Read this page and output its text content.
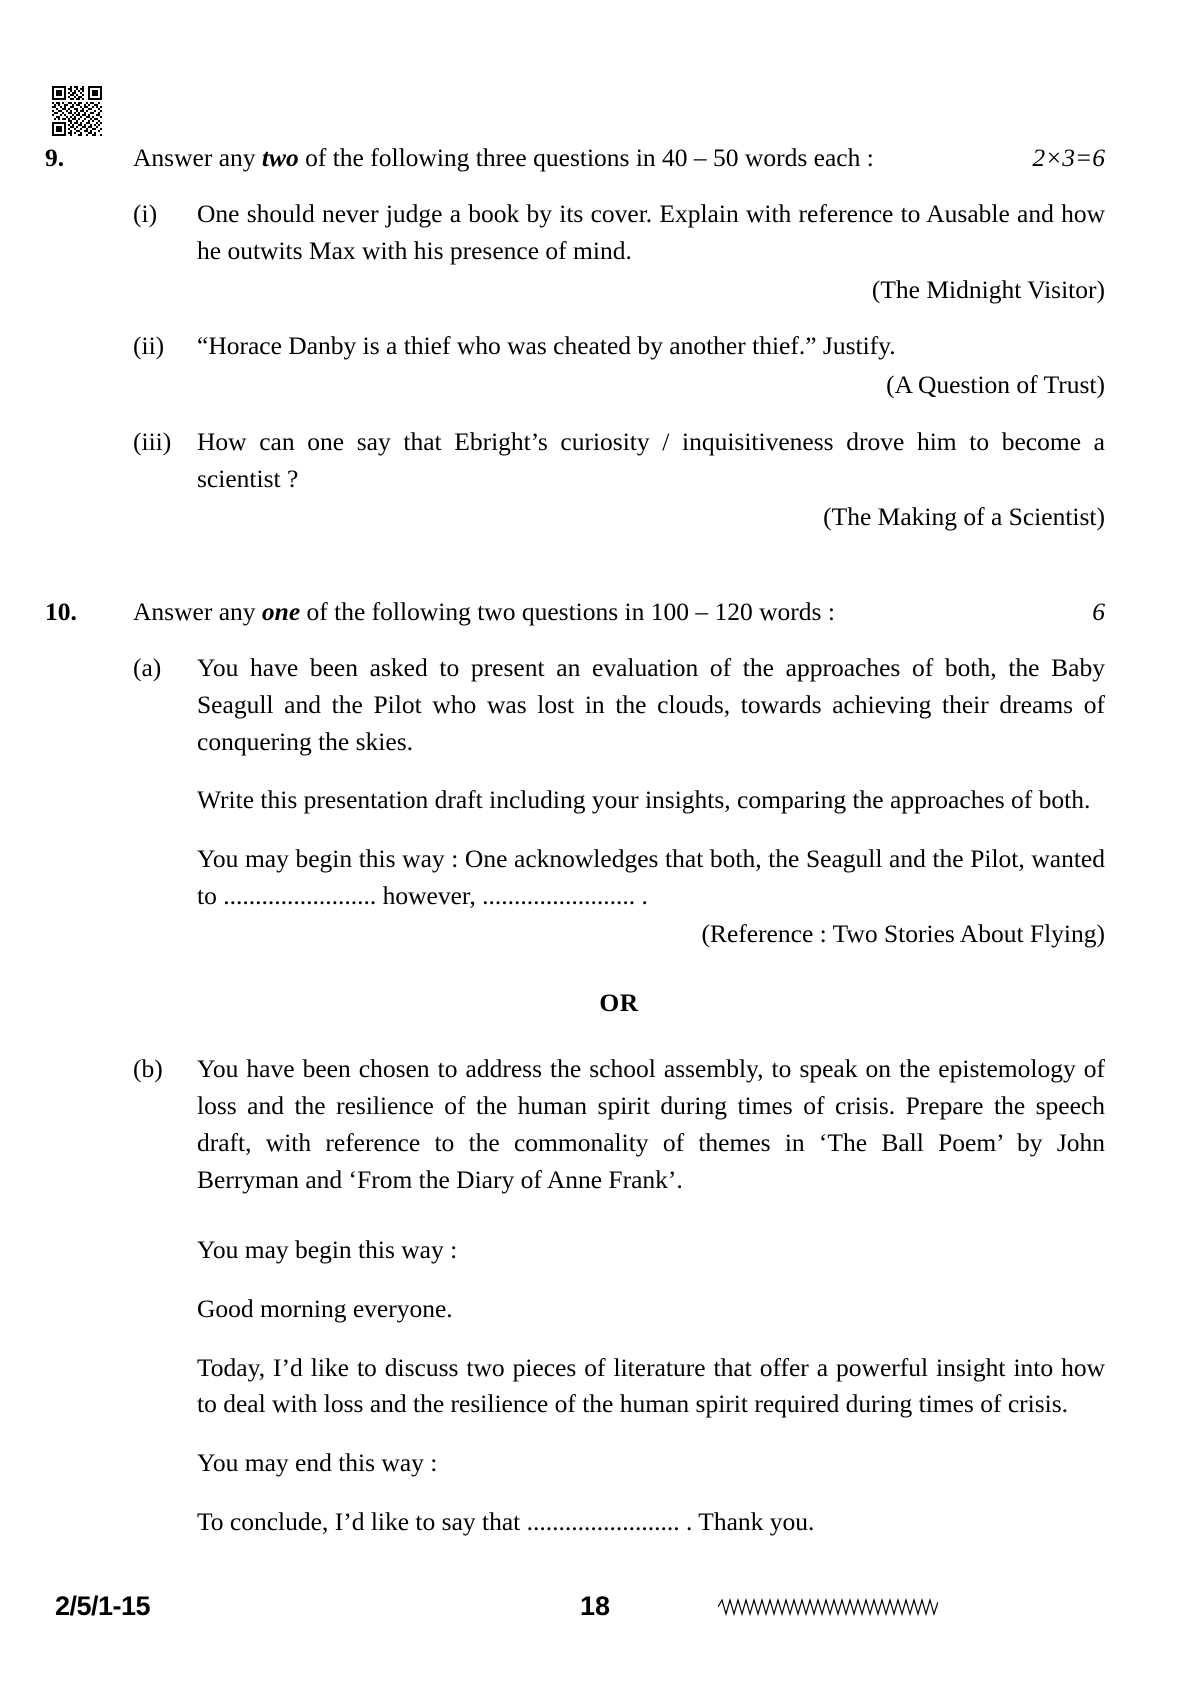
9.	Answer any two of the following three questions in 40 – 50 words each :	2×3=6
(i)	One should never judge a book by its cover. Explain with reference to Ausable and how he outwits Max with his presence of mind.
(The Midnight Visitor)
(ii)	“Horace Danby is a thief who was cheated by another thief.” Justify.
(A Question of Trust)
(iii)	How can one say that Ebright’s curiosity / inquisitiveness drove him to become a scientist ?
(The Making of a Scientist)
10.	Answer any one of the following two questions in 100 – 120 words :	6
(a)	You have been asked to present an evaluation of the approaches of both, the Baby Seagull and the Pilot who was lost in the clouds, towards achieving their dreams of conquering the skies.
Write this presentation draft including your insights, comparing the approaches of both.
You may begin this way : One acknowledges that both, the Seagull and the Pilot, wanted to ........................ however, ........................ .
(Reference : Two Stories About Flying)
OR
(b)	You have been chosen to address the school assembly, to speak on the epistemology of loss and the resilience of the human spirit during times of crisis. Prepare the speech draft, with reference to the commonality of themes in ‘The Ball Poem’ by John Berryman and ‘From the Diary of Anne Frank’.
You may begin this way :
Good morning everyone.
Today, I’d like to discuss two pieces of literature that offer a powerful insight into how to deal with loss and the resilience of the human spirit required during times of crisis.
You may end this way :
To conclude, I’d like to say that ........................ . Thank you.
2/5/1-15	18
